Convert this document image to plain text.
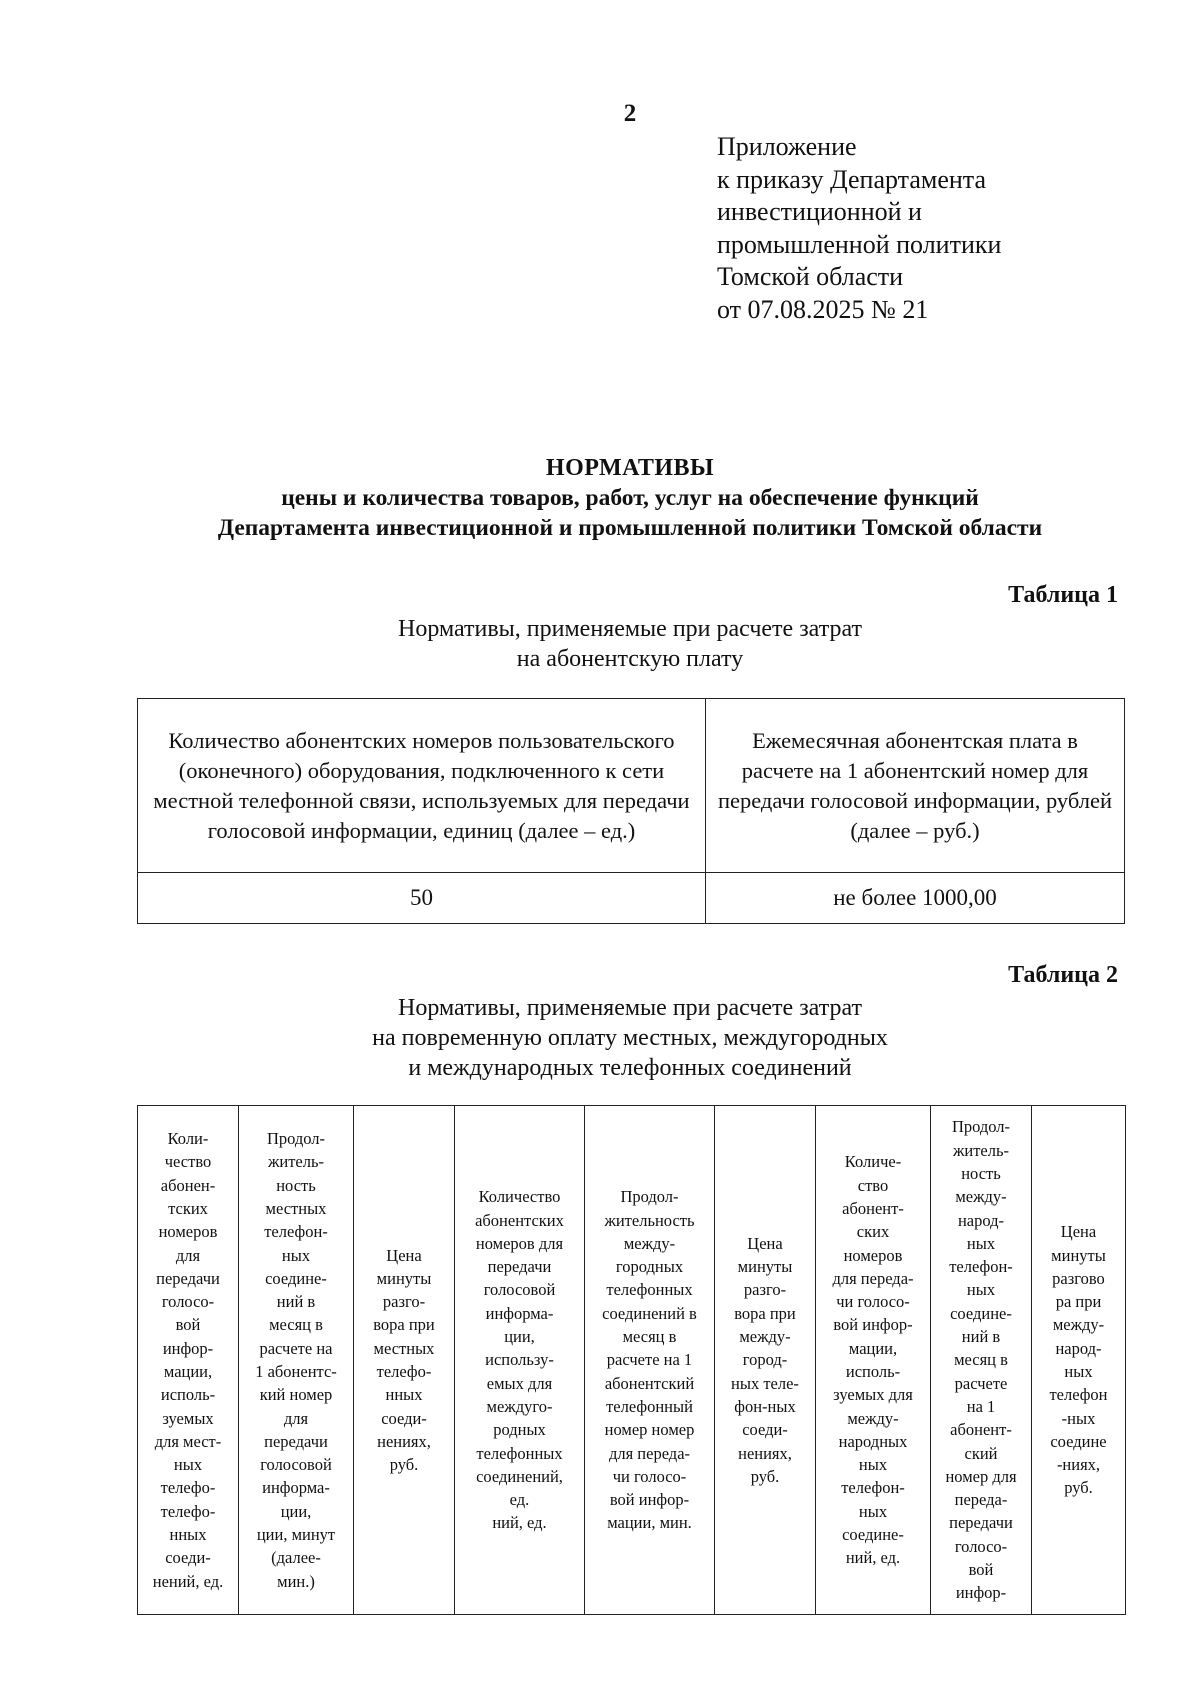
2
Приложение
к приказу Департамента
инвестиционной и
промышленной политики
Томской области
от 07.08.2025 № 21
НОРМАТИВЫ
цены и количества товаров, работ, услуг на обеспечение функций
Департамента инвестиционной и промышленной политики Томской области
Таблица 1
Нормативы, применяемые при расчете затрат
на абонентскую плату
Количество абонентских номеров пользовательского (оконечного) оборудования, подключенного к сети местной телефонной связи, используемых для передачи голосовой информации, единиц (далее – ед.)	Ежемесячная абонентская плата в расчете на 1 абонентский номер для передачи голосовой информации, рублей (далее – руб.)
50	не более 1000,00
Таблица 2
Нормативы, применяемые при расчете затрат
на повременную оплату местных, междугородных
и международных телефонных соединений
Коли-
чество
абонен-
тских
номеров
для
передачи
голосо-
вой
инфор-
мации,
исполь-
зуемых
для мест-
ных
телефо-
телефо-
нных
соеди-
нений, ед.	Продол-
житель-
ность
местных
телефон-
ных
соедине-
ний в
месяц в
расчете на
1 абонентс-
кий номер
для
передачи
голосовой
информа-
ции,
ции, минут
(далее-
мин.)	Цена
минуты
разго-
вора при
местных
телефо-
нных
соеди-
нениях,
руб.	Количество
абонентских
номеров для
передачи
голосовой
информа-
ции,
использу-
емых для
междуго-
родных
телефонных
соединений,
ед.
ний, ед.	Продол-
жительность
между-
городных
телефонных
соединений в
месяц в
расчете на 1
абонентский
телефонный
номер номер
для переда-
чи голосо-
вой инфор-
мации, мин.	Цена
минуты
разго-
вора при
между-
город-
ных теле-
фон-ных
соеди-
нениях,
руб.	Количе-
ство
абонент-
ских
номеров
для переда-
чи голосо-
вой инфор-
мации,
исполь-
зуемых для
между-
народных
ных
телефон-
ных
соедине-
ний, ед.	Продол-
житель-
ность
между-
народ-
ных
телефон-
ных
соедине-
ний в
месяц в
расчете
на 1
абонент-
ский
номер для
переда-
передачи
голосо-
вой
инфор-	Цена
минуты
разгово
ра при
между-
народ-
ных
телефон
-ных
соедине
-ниях,
руб.
